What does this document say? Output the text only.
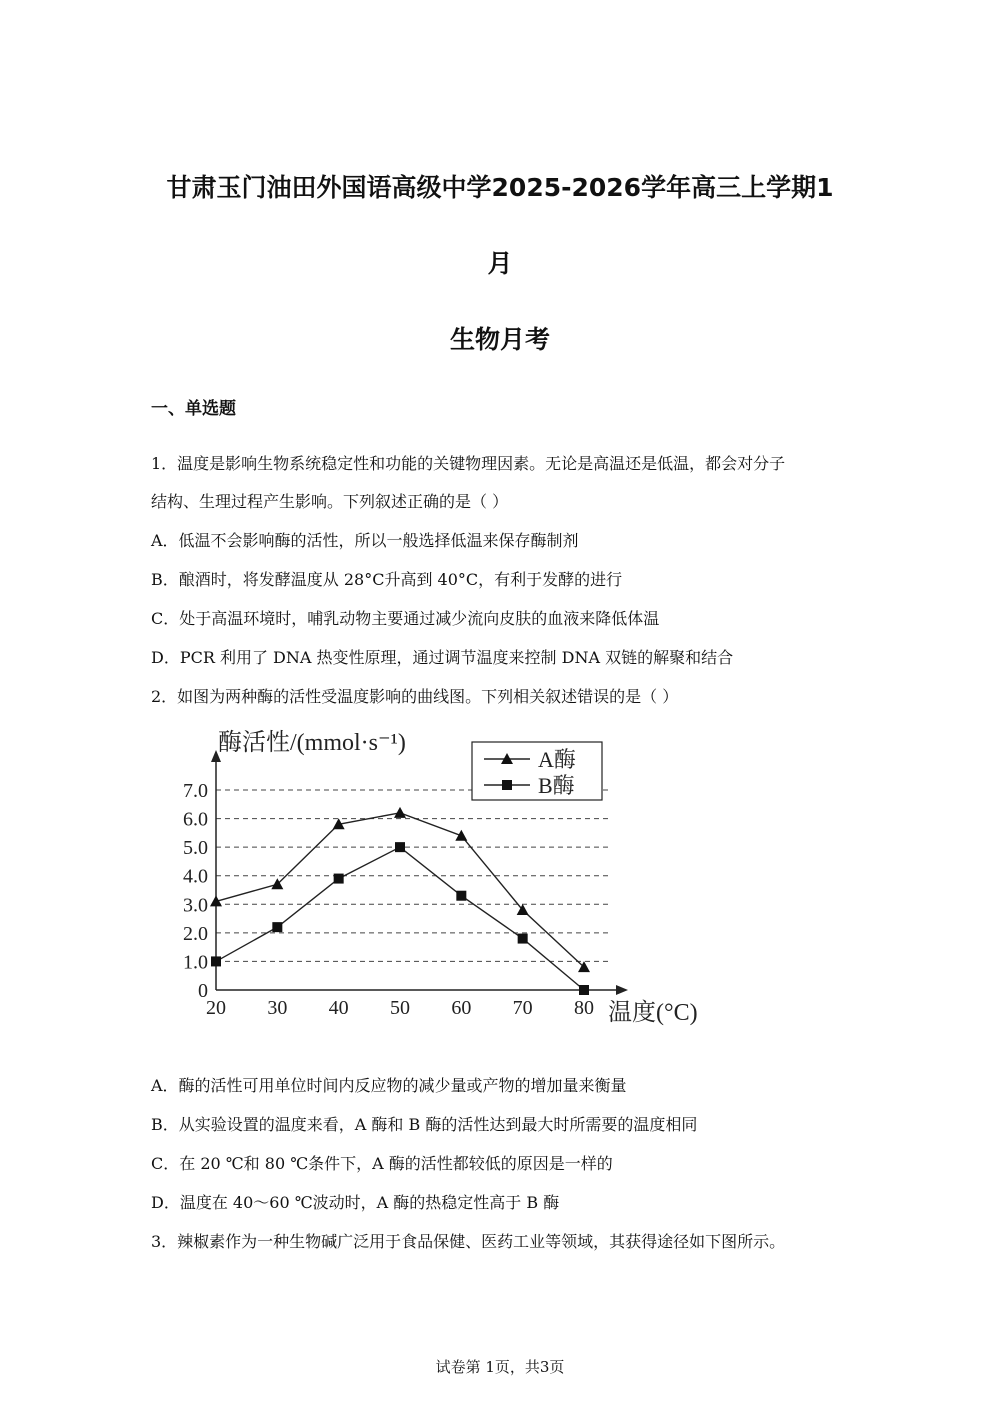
甘肃玉门油田外国语高级中学2025-2026学年高三上学期1
月
生物月考

一、单选题

1．温度是影响生物系统稳定性和功能的关键物理因素。无论是高温还是低温，都会对分子

结构、生理过程产生影响。下列叙述正确的是（ ）

A．低温不会影响酶的活性，所以一般选择低温来保存酶制剂

B．酿酒时，将发酵温度从 28°C升高到 40°C，有利于发酵的进行

C．处于高温环境时，哺乳动物主要通过减少流向皮肤的血液来降低体温

D．PCR 利用了 DNA 热变性原理，通过调节温度来控制 DNA 双链的解聚和结合

2．如图为两种酶的活性受温度影响的曲线图。下列相关叙述错误的是（ ）

0
1.0
2.0
3.0
4.0
5.0
6.0
7.0
20 30 40 50 60 70 80
酶活性/(mmol·s⁻¹)
温度(°C)
A酶
B酶

A．酶的活性可用单位时间内反应物的减少量或产物的增加量来衡量

B．从实验设置的温度来看，A 酶和 B 酶的活性达到最大时所需要的温度相同

C．在 20 ℃和 80 ℃条件下，A 酶的活性都较低的原因是一样的

D．温度在 40～60 ℃波动时，A 酶的热稳定性高于 B 酶

3．辣椒素作为一种生物碱广泛用于食品保健、医药工业等领域，其获得途径如下图所示。

试卷第 1页，共3页
